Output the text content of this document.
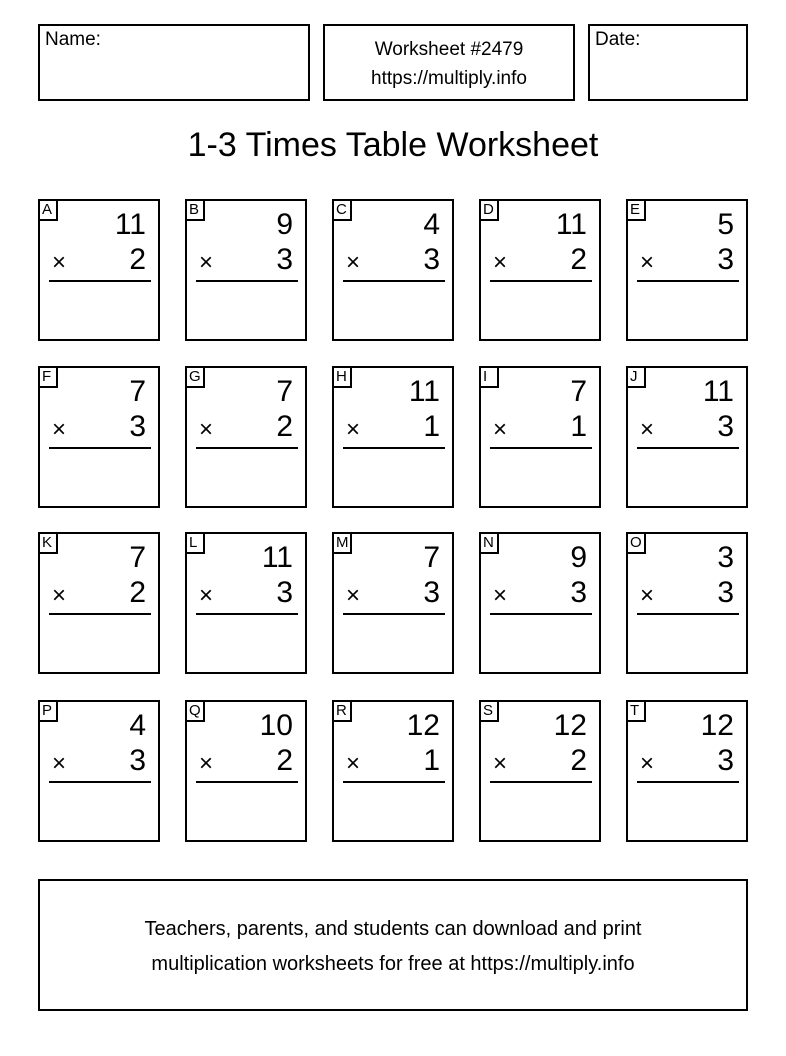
Name:	Worksheet #2479
https://multiply.info
Date:
1-3 Times Table Worksheet
A 11
× 2
B	9
× 3
C	4
× 3
D 11
× 2
E	5
× 3
F	7
× 3
G	7
× 2
H 11
× 1
I	7
× 1
J 11
× 3
K	7
× 2
L 11
× 3
M 7
× 3
N	9
× 3
O	3
× 3
P	4
× 3
Q 10
× 2
R 12
× 1
S 12
× 2
T 12
× 3
Teachers, parents, and students can download and print
multiplication worksheets for free at https://multiply.info
